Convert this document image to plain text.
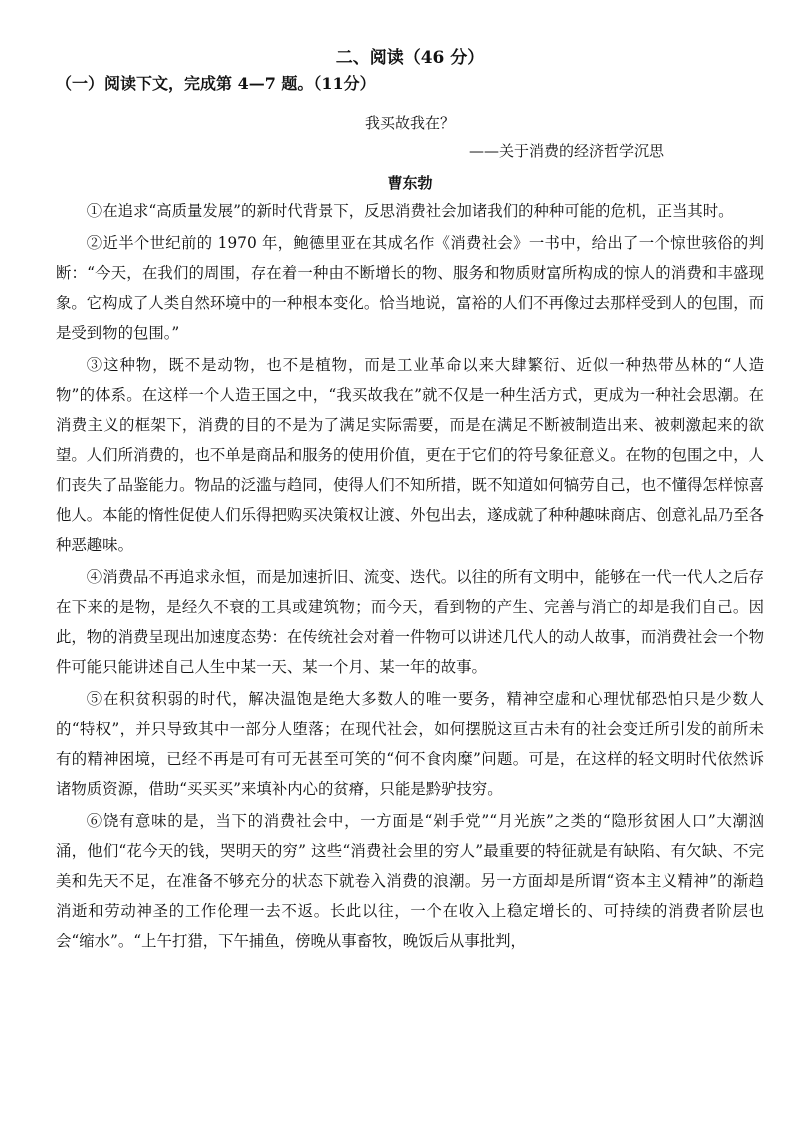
二、阅读（46 分）
（一）阅读下文，完成第 4—7 题。（11分）
我买故我在？
——关于消费的经济哲学沉思
曹东勃

①在追求“高质量发展”的新时代背景下，反思消费社会加诸我们的种种可能的危机，正当其时。

②近半个世纪前的 1970 年，鲍德里亚在其成名作《消费社会》一书中，给出了一个惊世骇俗的判断：“今天，在我们的周围，存在着一种由不断增长的物、服务和物质财富所构成的惊人的消费和丰盛现象。它构成了人类自然环境中的一种根本变化。恰当地说，富裕的人们不再像过去那样受到人的包围，而是受到物的包围。”

③这种物，既不是动物，也不是植物，而是工业革命以来大肆繁衍、近似一种热带丛林的“人造物”的体系。在这样一个人造王国之中，“我买故我在”就不仅是一种生活方式，更成为一种社会思潮。在消费主义的框架下，消费的目的不是为了满足实际需要，而是在满足不断被制造出来、被刺激起来的欲望。人们所消费的，也不单是商品和服务的使用价值，更在于它们的符号象征意义。在物的包围之中，人们丧失了品鉴能力。物品的泛滥与趋同，使得人们不知所措，既不知道如何犒劳自己，也不懂得怎样惊喜他人。本能的惰性促使人们乐得把购买决策权让渡、外包出去，遂成就了种种趣味商店、创意礼品乃至各种恶趣味。

④消费品不再追求永恒，而是加速折旧、流变、迭代。以往的所有文明中，能够在一代一代人之后存在下来的是物，是经久不衰的工具或建筑物；而今天，看到物的产生、完善与消亡的却是我们自己。因此，物的消费呈现出加速度态势：在传统社会对着一件物可以讲述几代人的动人故事，而消费社会一个物件可能只能讲述自己人生中某一天、某一个月、某一年的故事。

⑤在积贫积弱的时代，解决温饱是绝大多数人的唯一要务，精神空虚和心理忧郁恐怕只是少数人的“特权”，并只导致其中一部分人堕落；在现代社会，如何摆脱这亘古未有的社会变迁所引发的前所未有的精神困境，已经不再是可有可无甚至可笑的“何不食肉糜”问题。可是，在这样的轻文明时代依然诉诸物质资源，借助“买买买”来填补内心的贫瘠，只能是黔驴技穷。

⑥饶有意味的是，当下的消费社会中，一方面是“剁手党”“月光族”之类的“隐形贫困人口”大潮汹涌，他们“花今天的钱，哭明天的穷” 这些“消费社会里的穷人”最重要的特征就是有缺陷、有欠缺、不完美和先天不足，在准备不够充分的状态下就卷入消费的浪潮。另一方面却是所谓“资本主义精神”的渐趋消逝和劳动神圣的工作伦理一去不返。长此以往，一个在收入上稳定增长的、可持续的消费者阶层也会“缩水”。“上午打猎，下午捕鱼，傍晚从事畜牧，晚饭后从事批判，
